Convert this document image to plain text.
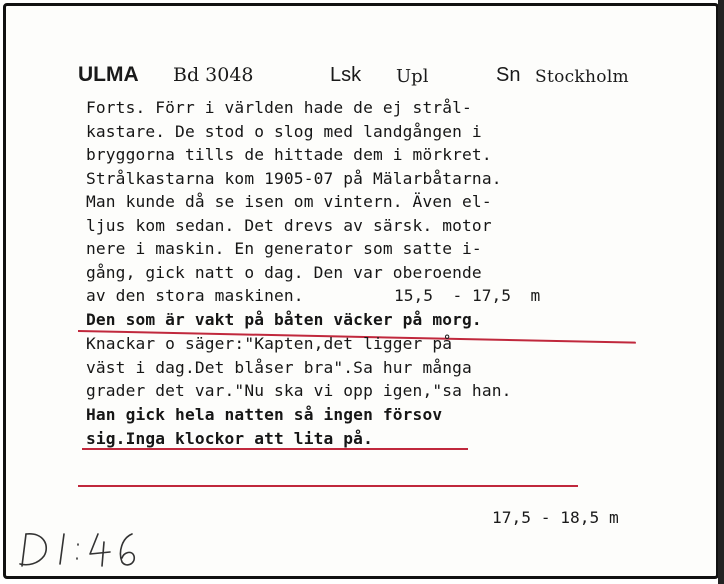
ULMA Bd 3048	Lsk Upl	Sn Stockholm
Forts. Förr i världen hade de ej strål-
kastare. De stod o slog med landgången i
bryggorna tills de hittade dem i mörkret.
Strålkastarna kom 1905-07 på Mälarbåtarna.
Man kunde då se isen om vintern. Även el-
ljus kom sedan. Det drevs av särsk. motor
nere i maskin. En generator som satte i-
gång, gick natt o dag. Den var oberoende
av den stora maskinen.	15,5  - 17,5  m
Den som är vakt på båten väcker på morg.
Knackar o säger:"Kapten,det ligger på
väst i dag.Det blåser bra".Sa hur många
grader det var."Nu ska vi opp igen,"sa han.
Han gick hela natten så ingen försov
sig.Inga klockor att lita på.
17,5 - 18,5 m
